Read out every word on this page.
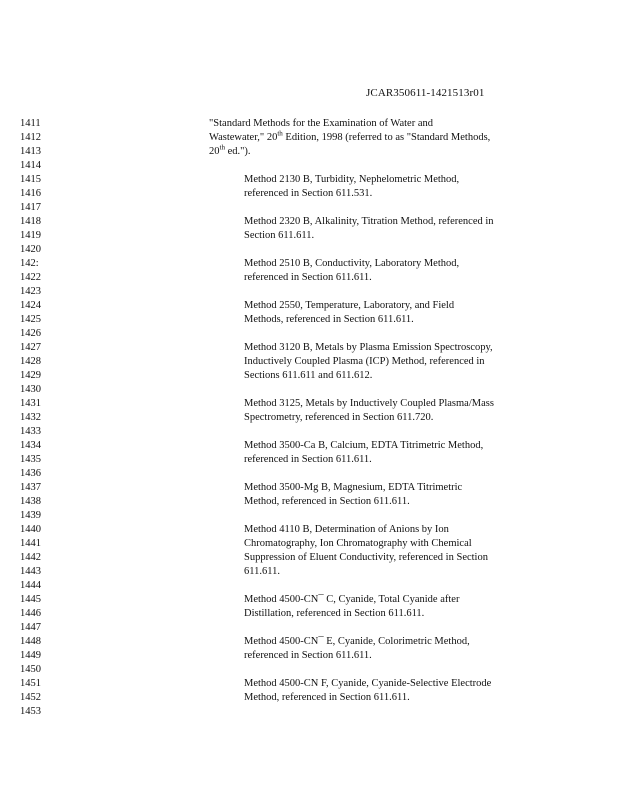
JCAR350611-1421513r01
1411
1412
1413
1414
1415
1416
1417
1418
1419
1420
142:
1422
1423
1424
1425
1426
1427
1428
1429
1430
1431
1432
1433
1434
1435
1436
1437
1438
1439
1440
1441
1442
1443
1444
1445
1446
1447
1448
1449
1450
1451
1452
1453
"Standard Methods for the Examination of Water and
Wastewater," 20th Edition, 1998 (referred to as "Standard Methods,
20th ed.").
Method 2130 B, Turbidity, Nephelometric Method,
referenced in Section 611.531.
Method 2320 B, Alkalinity, Titration Method, referenced in
Section 611.611.
Method 2510 B, Conductivity, Laboratory Method,
referenced in Section 611.611.
Method 2550, Temperature, Laboratory, and Field
Methods, referenced in Section 611.611.
Method 3120 B, Metals by Plasma Emission Spectroscopy,
Inductively Coupled Plasma (ICP) Method, referenced in
Sections 611.611 and 611.612.
Method 3125, Metals by Inductively Coupled Plasma/Mass
Spectrometry, referenced in Section 611.720.
Method 3500-Ca B, Calcium, EDTA Titrimetric Method,
referenced in Section 611.611.
Method 3500-Mg B, Magnesium, EDTA Titrimetric
Method, referenced in Section 611.611.
Method 4110 B, Determination of Anions by Ion
Chromatography, Ion Chromatography with Chemical
Suppression of Eluent Conductivity, referenced in Section
611.611.
Method 4500-CN¯ C, Cyanide, Total Cyanide after
Distillation, referenced in Section 611.611.
Method 4500-CN¯ E, Cyanide, Colorimetric Method,
referenced in Section 611.611.
Method 4500-CN F, Cyanide, Cyanide-Selective Electrode
Method, referenced in Section 611.611.
